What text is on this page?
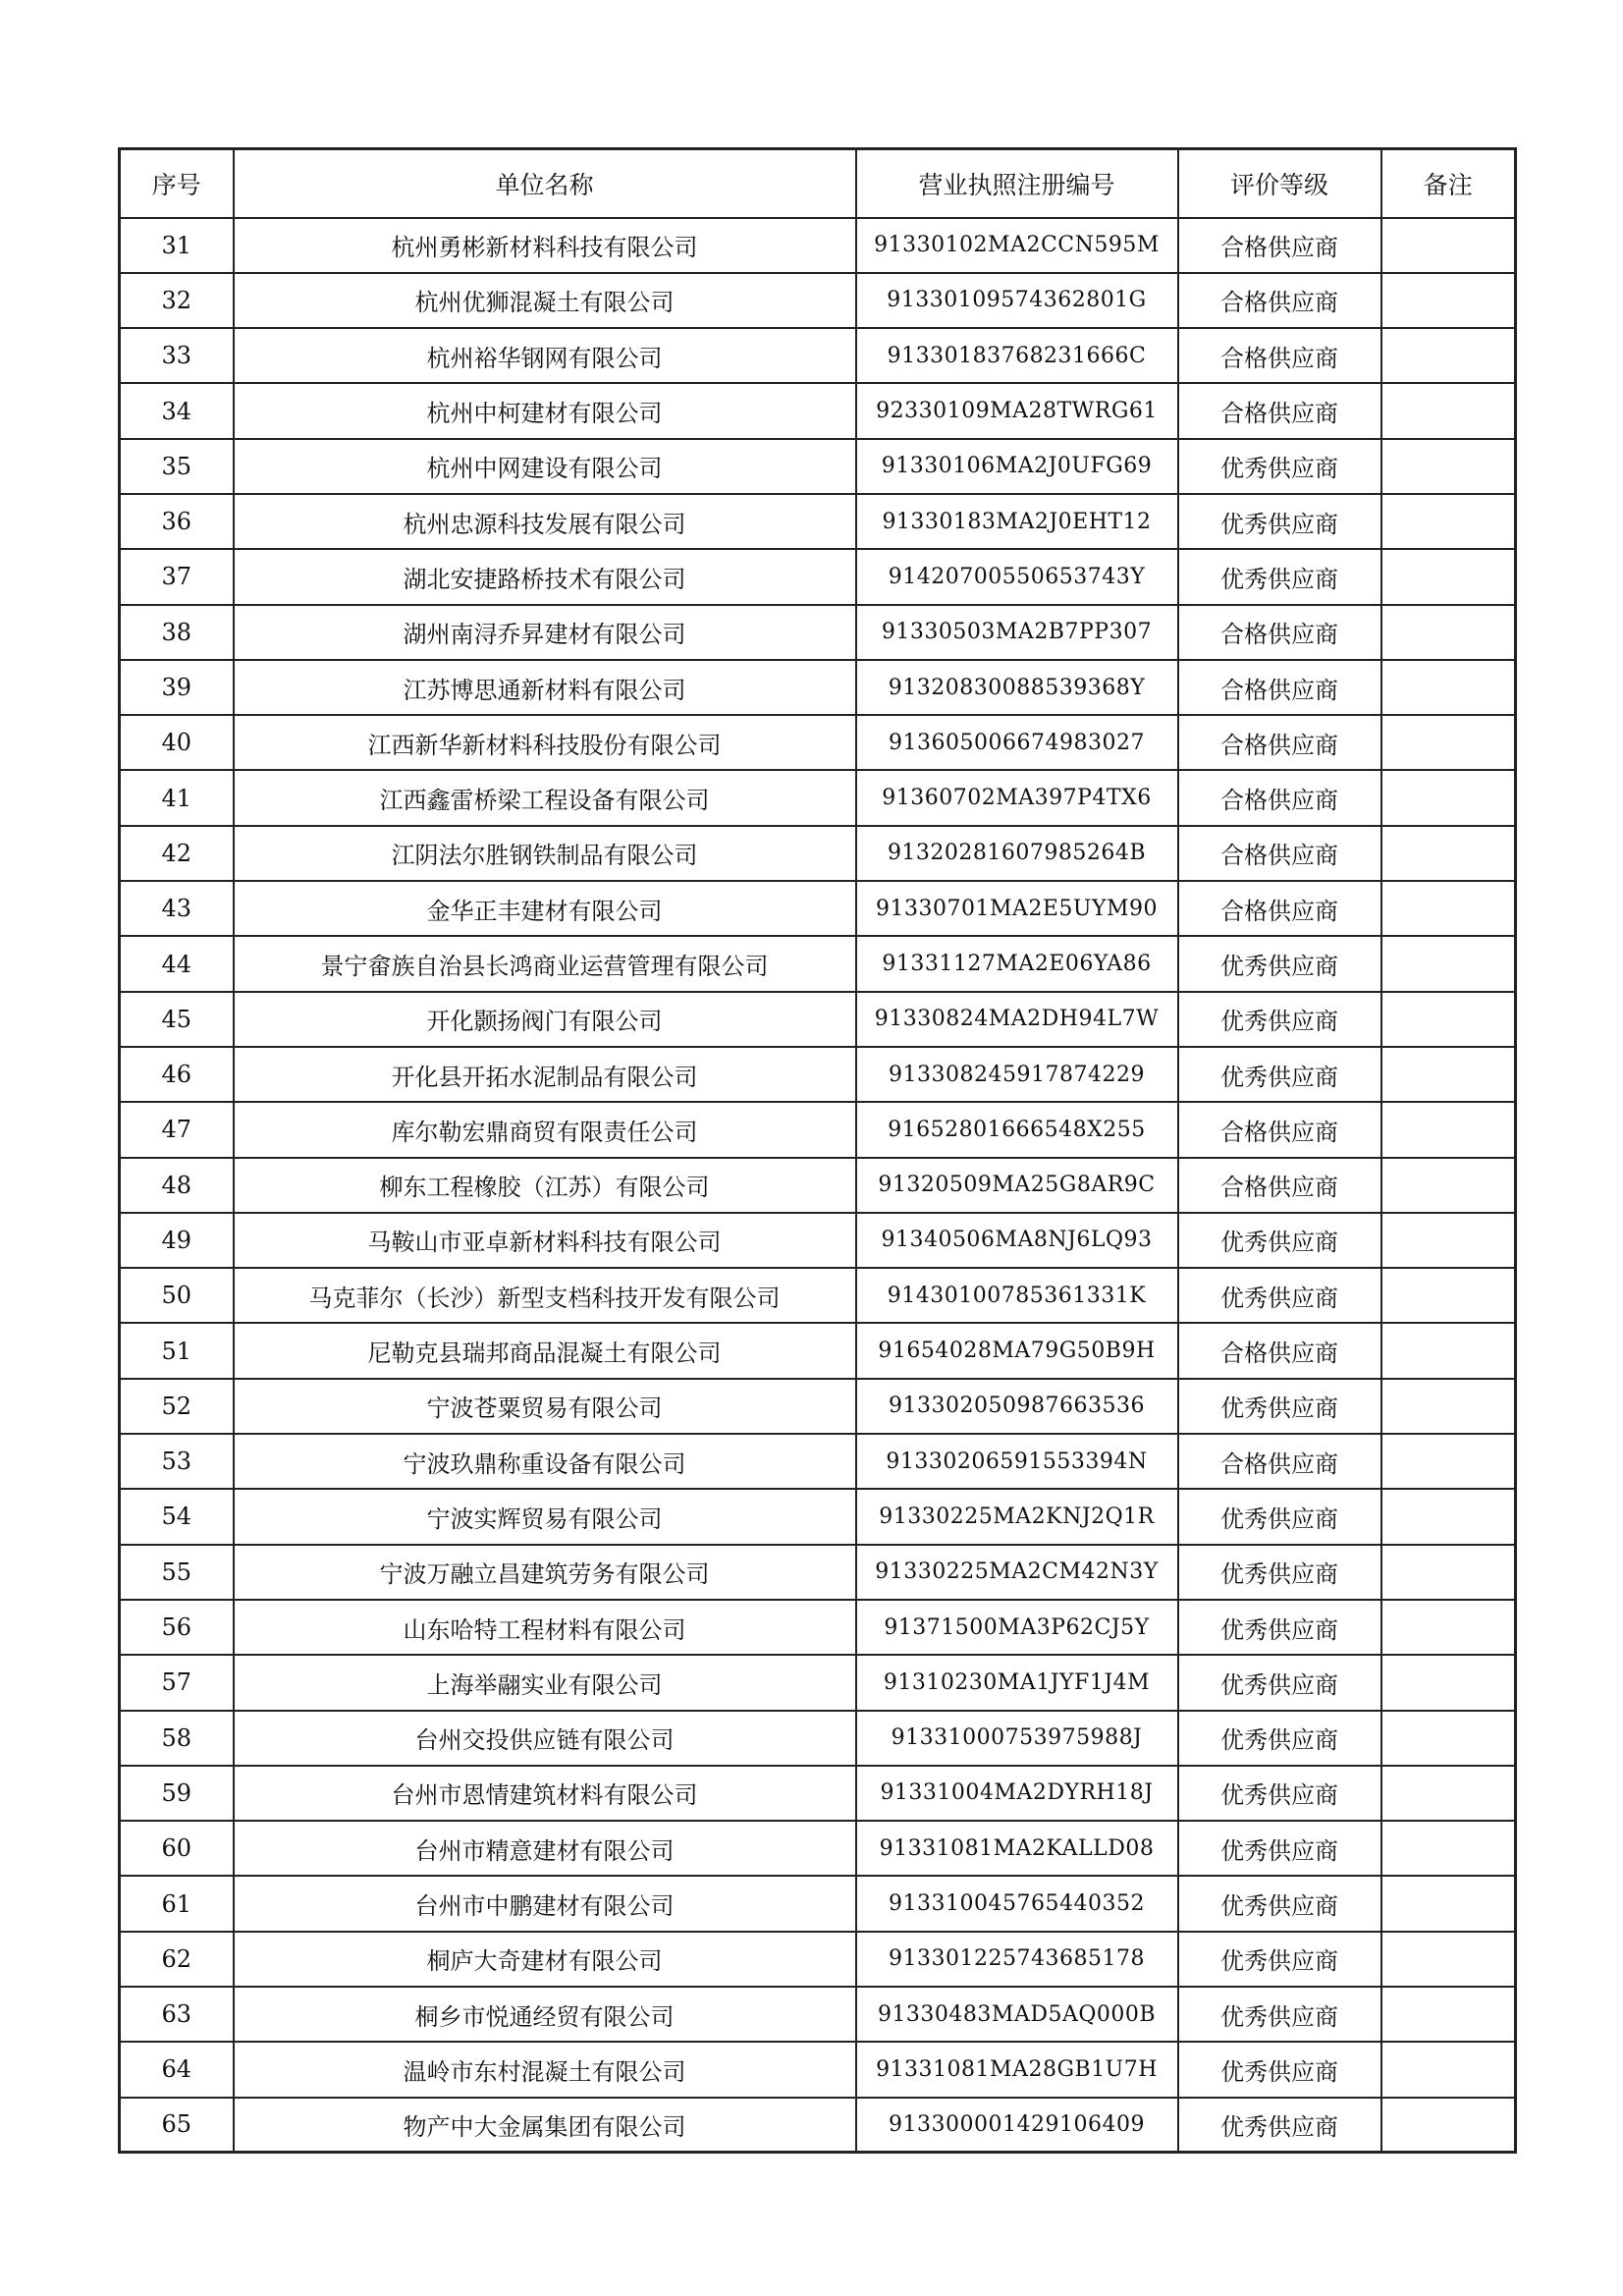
序号	单位名称	营业执照注册编号	评价等级	备注
31	杭州勇彬新材料科技有限公司	91330102MA2CCN595M	合格供应商	
32	杭州优狮混凝土有限公司	91330109574362801G	合格供应商	
33	杭州裕华钢网有限公司	91330183768231666C	合格供应商	
34	杭州中柯建材有限公司	92330109MA28TWRG61	合格供应商	
35	杭州中网建设有限公司	91330106MA2J0UFG69	优秀供应商	
36	杭州忠源科技发展有限公司	91330183MA2J0EHT12	优秀供应商	
37	湖北安捷路桥技术有限公司	91420700550653743Y	优秀供应商	
38	湖州南浔乔昇建材有限公司	91330503MA2B7PP307	合格供应商	
39	江苏博思通新材料有限公司	91320830088539368Y	合格供应商	
40	江西新华新材料科技股份有限公司	913605006674983027	合格供应商	
41	江西鑫雷桥梁工程设备有限公司	91360702MA397P4TX6	合格供应商	
42	江阴法尔胜钢铁制品有限公司	91320281607985264B	合格供应商	
43	金华正丰建材有限公司	91330701MA2E5UYM90	合格供应商	
44	景宁畲族自治县长鸿商业运营管理有限公司	91331127MA2E06YA86	优秀供应商	
45	开化颢扬阀门有限公司	91330824MA2DH94L7W	优秀供应商	
46	开化县开拓水泥制品有限公司	913308245917874229	优秀供应商	
47	库尔勒宏鼎商贸有限责任公司	91652801666548X255	合格供应商	
48	柳东工程橡胶（江苏）有限公司	91320509MA25G8AR9C	合格供应商	
49	马鞍山市亚卓新材料科技有限公司	91340506MA8NJ6LQ93	优秀供应商	
50	马克菲尔（长沙）新型支档科技开发有限公司	91430100785361331K	优秀供应商	
51	尼勒克县瑞邦商品混凝土有限公司	91654028MA79G50B9H	合格供应商	
52	宁波苍粟贸易有限公司	913302050987663536	优秀供应商	
53	宁波玖鼎称重设备有限公司	91330206591553394N	合格供应商	
54	宁波实辉贸易有限公司	91330225MA2KNJ2Q1R	优秀供应商	
55	宁波万融立昌建筑劳务有限公司	91330225MA2CM42N3Y	优秀供应商	
56	山东哈特工程材料有限公司	91371500MA3P62CJ5Y	优秀供应商	
57	上海举翮实业有限公司	91310230MA1JYF1J4M	优秀供应商	
58	台州交投供应链有限公司	91331000753975988J	优秀供应商	
59	台州市恩情建筑材料有限公司	91331004MA2DYRH18J	优秀供应商	
60	台州市精意建材有限公司	91331081MA2KALLD08	优秀供应商	
61	台州市中鹏建材有限公司	913310045765440352	优秀供应商	
62	桐庐大奇建材有限公司	913301225743685178	优秀供应商	
63	桐乡市悦通经贸有限公司	91330483MAD5AQ000B	优秀供应商	
64	温岭市东村混凝土有限公司	91331081MA28GB1U7H	优秀供应商	
65	物产中大金属集团有限公司	913300001429106409	优秀供应商	
